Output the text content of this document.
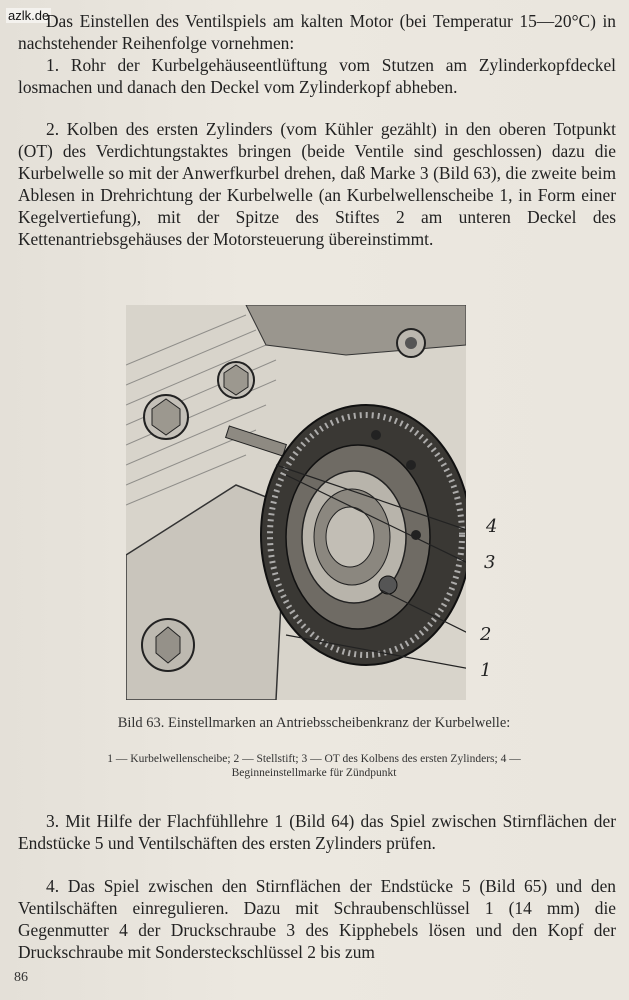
azlk.de

Das Einstellen des Ventilspiels am kalten Motor (bei Temperatur 15—20°C) in nachstehender Reihenfolge vornehmen:

1. Rohr der Kurbelgehäuseentlüftung vom Stutzen am Zylinderkopfdeckel losmachen und danach den Deckel vom Zylinderkopf abheben.

2. Kolben des ersten Zylinders (vom Kühler gezählt) in den oberen Totpunkt (OT) des Verdichtungstaktes bringen (beide Ventile sind geschlossen) dazu die Kurbelwelle so mit der Anwerfkurbel drehen, daß Marke 3 (Bild 63), die zweite beim Ablesen in Drehrichtung der Kurbelwelle (an Kurbelwellenscheibe 1, in Form einer Kegelvertiefung), mit der Spitze des Stiftes 2 am unteren Deckel des Kettenantriebsgehäuses der Motorsteuerung übereinstimmt.

4
3
2
1
Bild 63. Einstellmarken an Antriebsscheibenkranz der Kurbelwelle:
1 — Kurbelwellenscheibe; 2 — Stellstift; 3 — OT des Kolbens des ersten Zylinders; 4 — Beginneinstellmarke für Zündpunkt

3. Mit Hilfe der Flachfühllehre 1 (Bild 64) das Spiel zwischen Stirnflächen der Endstücke 5 und Ventilschäften des ersten Zylinders prüfen.

4. Das Spiel zwischen den Stirnflächen der Endstücke 5 (Bild 65) und den Ventilschäften einregulieren. Dazu mit Schraubenschlüssel 1 (14 mm) die Gegenmutter 4 der Druckschraube 3 des Kipphebels lösen und den Kopf der Druckschraube mit Sondersteckschlüssel 2 bis zum

86
